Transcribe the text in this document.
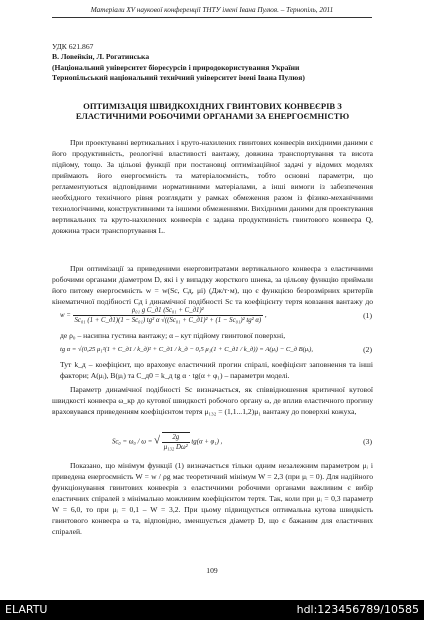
Матеріали XV наукової конференції ТНТУ імені Івана Пулюя. – Тернопіль, 2011
УДК 621.867
В. Ловейкін, Л. Рогатинська
(Національний університет біоресурсів і природокористування України
Тернопільський національний технічний університет імені Івана Пулюя)
ОПТИМІЗАЦІЯ ШВИДКОХІДНИХ ГВИНТОВИХ КОНВЕЄРІВ З
ЕЛАСТИЧНИМИ РОБОЧИМИ ОРГАНАМИ ЗА ЕНЕРГОЄМНІСТЮ
При проектуванні вертикальних і круто-нахилених гвинтових конвеєрів вихідними даними є його продуктивність, реологічні властивості вантажу, довжина транспортування та висота підйому, тощо. За цільові функції при постановці оптимізаційної задачі у відомих моделях приймають його енергоємність та матеріалоємність, тобто основні параметри, що регламентуються відповідними нормативними матеріалами, а інші вимоги із забезпечення необхідного технічного рівня розглядати у рамках обмеження разом із фізико-механічними технологічними, конструктивними та іншими обмеженнями. Вихідними даними для проектування вертикальних та круто-нахилених конвеєрів є задана продуктивність гвинтового конвеєра Q, довжина траси транспортування L.
При оптимізації за приведеними енерговитратами вертикального конвеєра з еластичними робочими органами діаметром D, які і у випадку жорсткого шнека, за цільову функцію приймали його питому енергоємність w = w(Sc, Cд, μi) (Дж/т·м), що є функцією безрозмірних критеріїв кінематичної подібності Cд і динамічної подібності Sc та коефіцієнту тертя ковзання вантажу до
w =
ρ₀₁ g C_д1 (Sc₀₁ + C_д1)²
Sc₀₁ (1 + C_д1)(1 − Sc₀₁) tg² α √((Sc₀₁ + C_д1)² + (1 − Sc₀₁)² tg² α)
,	(1)
де ρ₀ – насипна густина вантажу; α – кут підйому гвинтової поверхні,
tg α = √(0,25 μ₁²(1 + C_д1 / k_д)² + C_д1 / k_д − 0,5 μ₁(1 + C_д1 / k_д)) = A(μᵢ) − C_д B(μᵢ),	(2)
Тут k_д – коефіцієнт, що враховує еластичний прогин спіралі, коефіцієнт заповнення та інші фактори; A(μᵢ), B(μᵢ) та C_д0 = k_д tg α · tg(α + φ₁) – параметри моделі.
Параметр динамічної подібності Sc визначається, як співвідношення критичної кутової швидкості конвеєра ω_кр до кутової швидкості робочого органу ω, де вплив еластичного прогину враховувався приведенням коефіцієнтом тертя μ₁₃₂ = (1,1...1,2)μ₁ вантажу до поверхні кожуха,
Sc₀ = ω₀ / ω = √ $\frac{2g}{\text{μ₁₃₂ Dω²}} tg(\alpha + \varphi_1)$ ,	(3)
Показано, що мінімум функції (1) визначається тільки одним незалежним параметром μᵢ і приведена енергоємність W = w / ρg має теоретичний мінімум W = 2,3 (при μᵢ = 0). Для надійного функціонування гвинтових конвеєрів з еластичними робочими органами важливим є вибір еластичних спіралей з мінімально можливим коефіцієнтом тертя. Так, коли при μᵢ = 0,3 параметр W = 6,0, то при μᵢ = 0,1 – W = 3,2. При цьому підвищується оптимальна кутова швидкість гвинтового конвеєра ω та, відповідно, зменшується діаметр D, що є бажаним для еластичних спіралей.
109
ELARTU	hdl:123456789/10585
